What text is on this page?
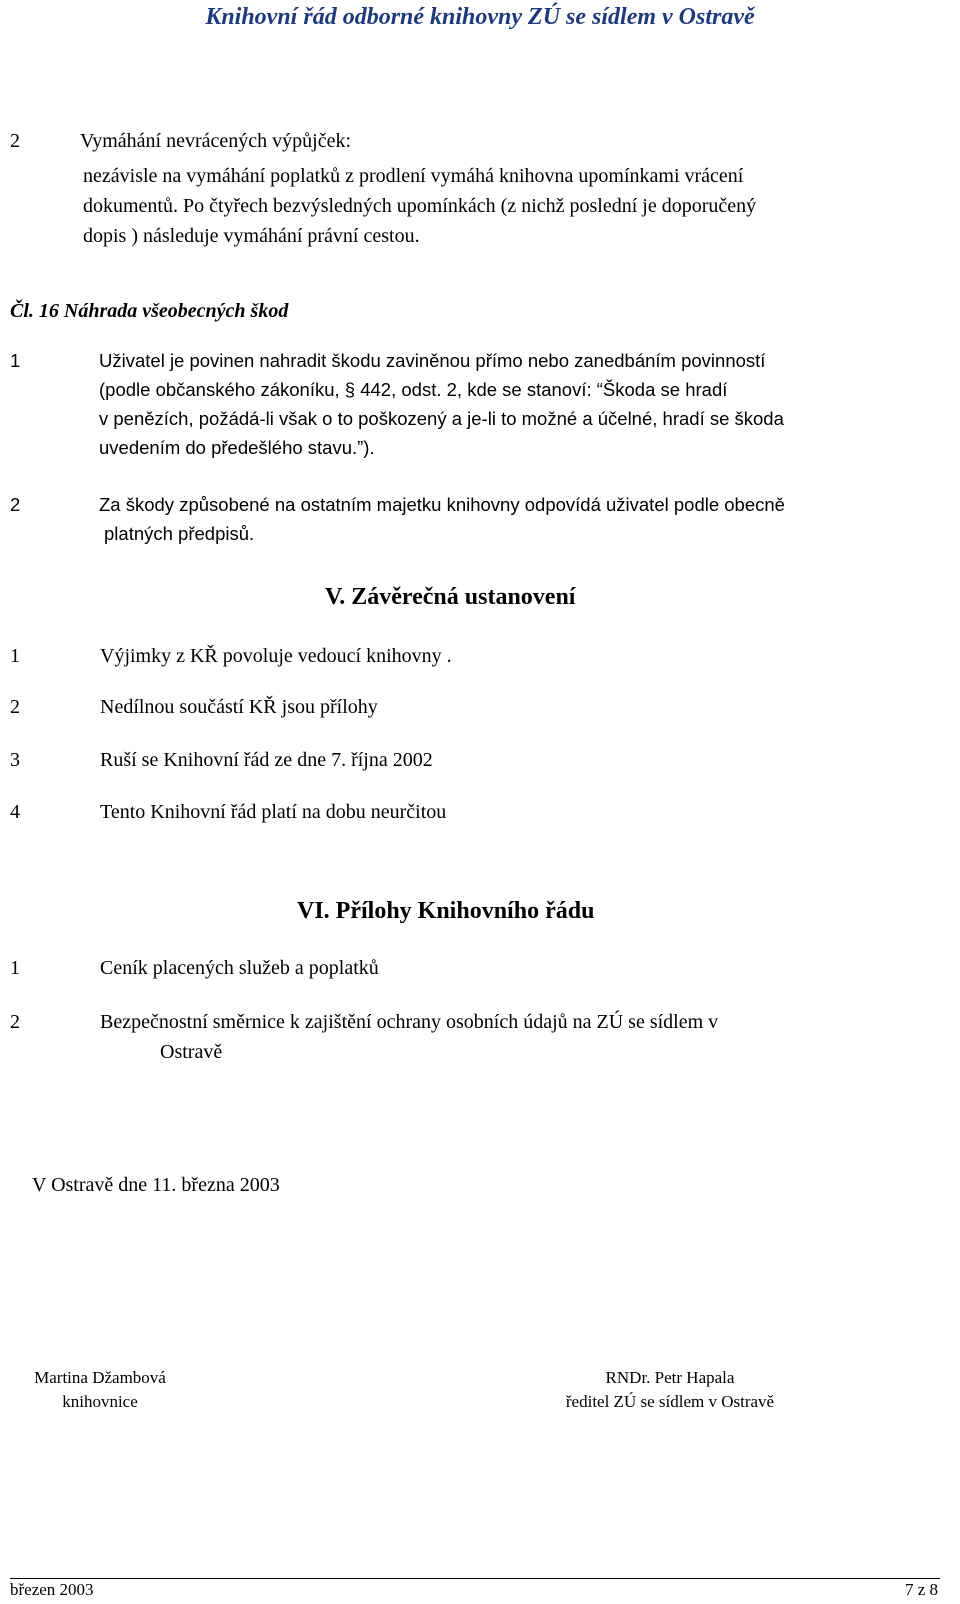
Knihovní řád odborné knihovny ZÚ se sídlem v Ostravě
2	Vymáhání nevrácených výpůjček:
nezávisle na vymáhání poplatků z prodlení vymáhá knihovna upomínkami vrácení
dokumentů. Po čtyřech bezvýsledných upomínkách (z nichž poslední je doporučený
dopis ) následuje vymáhání právní cestou.
Čl. 16 Náhrada všeobecných škod
1	Uživatel je povinen nahradit škodu zaviněnou přímo nebo zanedbáním povinností
(podle občanského zákoníku, § 442, odst. 2, kde se stanoví: “Škoda se hradí
v penězích, požádá-li však o to poškozený a je-li to možné a účelné, hradí se škoda
uvedením do předešlého stavu.”).
2	Za škody způsobené na ostatním majetku knihovny odpovídá uživatel podle obecně
platných předpisů.
V. Závěrečná ustanovení
1	Výjimky z KŘ povoluje vedoucí knihovny .
2	Nedílnou součástí KŘ jsou přílohy
3	Ruší se Knihovní řád ze dne 7. října 2002
4	Tento Knihovní řád platí na dobu neurčitou
VI. Přílohy Knihovního řádu
1	Ceník placených služeb a poplatků
2	Bezpečnostní směrnice k zajištění ochrany osobních údajů na ZÚ se sídlem v
Ostravě
V Ostravě dne 11. března 2003
Martina Džambová
knihovnice
RNDr. Petr Hapala
ředitel ZÚ se sídlem v Ostravě
březen 2003	7 z 8
